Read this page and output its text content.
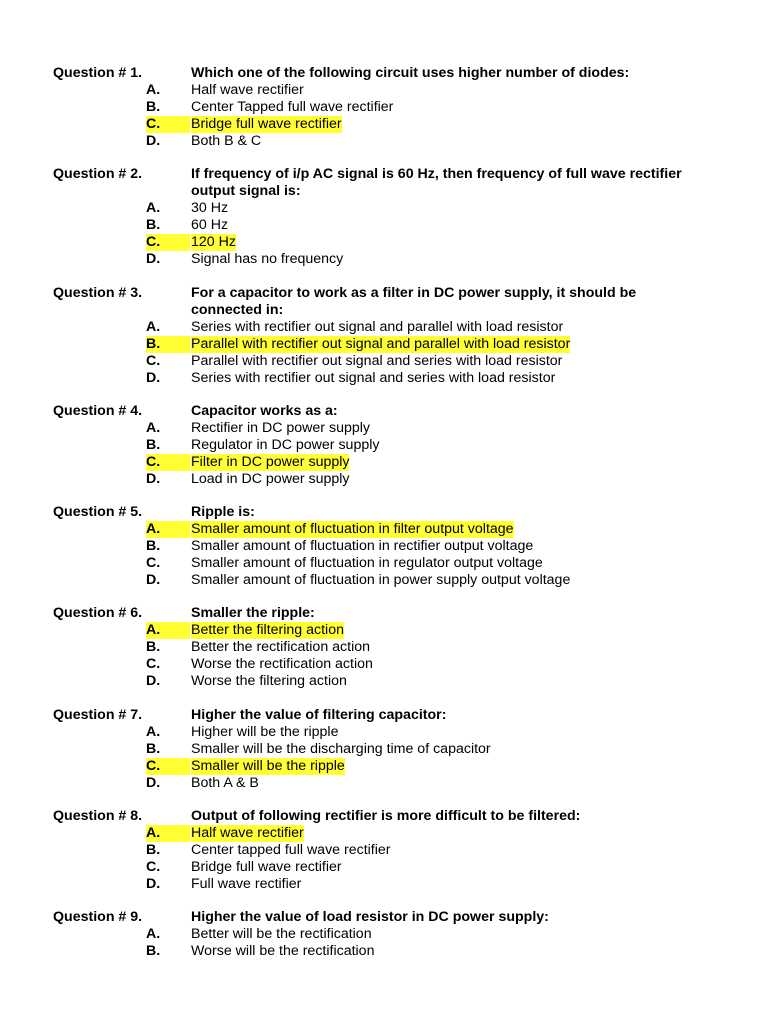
Question # 1.	Which one of the following circuit uses higher number of diodes:
A. Half wave rectifier
B. Center Tapped full wave rectifier
C.	Bridge full wave rectifier
D. Both B & C
Question # 2.	If frequency of i/p AC signal is 60 Hz, then frequency of full wave rectifier output signal is:
A. 30 Hz
B. 60 Hz
C.	120 Hz
D. Signal has no frequency
Question # 3.	For a capacitor to work as a filter in DC power supply, it should be connected in:
A. Series with rectifier out signal and parallel with load resistor
B.	Parallel with rectifier out signal and parallel with load resistor
C. Parallel with rectifier out signal and series with load resistor
D. Series with rectifier out signal and series with load resistor
Question # 4.	Capacitor works as a:
A. Rectifier in DC power supply
B. Regulator in DC power supply
C.	Filter in DC power supply
D. Load in DC power supply
Question # 5.	Ripple is:
A.	Smaller amount of fluctuation in filter output voltage
B. Smaller amount of fluctuation in rectifier output voltage
C. Smaller amount of fluctuation in regulator output voltage
D. Smaller amount of fluctuation in power supply output voltage
Question # 6.	Smaller the ripple:
A.	Better the filtering action
B. Better the rectification action
C. Worse the rectification action
D. Worse the filtering action
Question # 7.	Higher the value of filtering capacitor:
A. Higher will be the ripple
B. Smaller will be the discharging time of capacitor
C.	Smaller will be the ripple
D. Both A & B
Question # 8.	Output of following rectifier is more difficult to be filtered:
A.	Half wave rectifier
B. Center tapped full wave rectifier
C. Bridge full wave rectifier
D. Full wave rectifier
Question # 9.	Higher the value of load resistor in DC power supply:
A. Better will be the rectification
B. Worse will be the rectification
